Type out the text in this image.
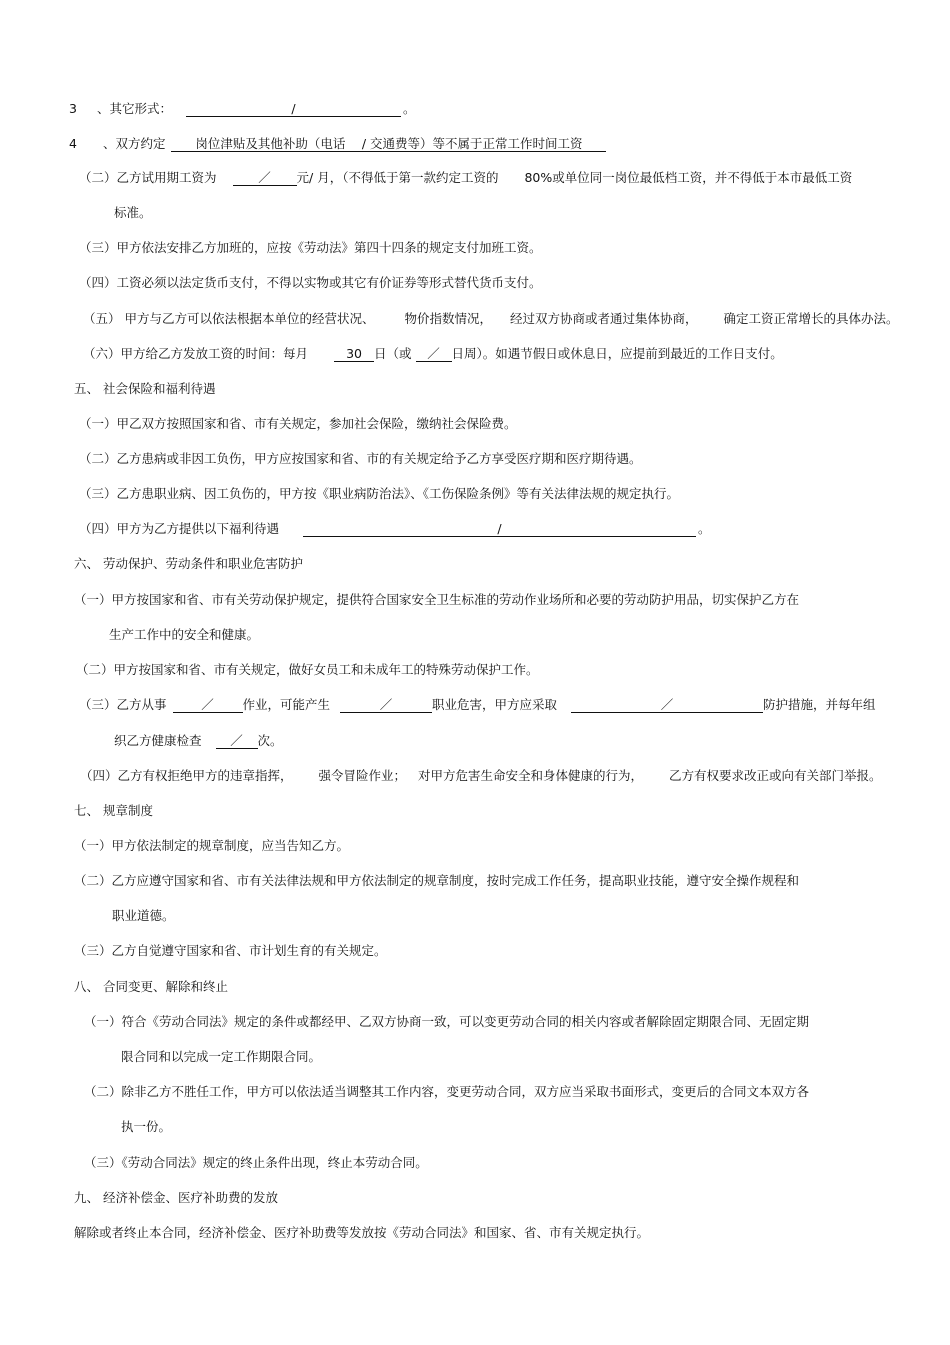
3 、其它形式：	/	。
4 、双方约定 岗位津贴及其他补助（电话　 / 交通费等）等不属于正常工作时间工资
（二）乙方试用期工资为	／ 元/ 月，（不得低于第一款约定工资的 80%或单位同一岗位最低档工资，并不得低于本市最低工资
标准。
（三）甲方依法安排乙方加班的，应按《劳动法》第四十四条的规定支付加班工资。
（四）工资必须以法定货币支付，不得以实物或其它有价证券等形式替代货币支付。
（五） 甲方与乙方可以依法根据本单位的经营状况、 物价指数情况， 经过双方协商或者通过集体协商， 确定工资正常增长的具体办法。
（六）甲方给乙方发放工资的时间：每月	30 日（或 ／ 日周）。如遇节假日或休息日，应提前到最近的工作日支付。
五、 社会保险和福利待遇
（一）甲乙双方按照国家和省、市有关规定，参加社会保险，缴纳社会保险费。
（二）乙方患病或非因工负伤，甲方应按国家和省、市的有关规定给予乙方享受医疗期和医疗期待遇。
（三）乙方患职业病、因工负伤的，甲方按《职业病防治法》、《工伤保险条例》等有关法律法规的规定执行。
（四）甲方为乙方提供以下福利待遇	/	。
六、 劳动保护、劳动条件和职业危害防护
（一）甲方按国家和省、市有关劳动保护规定，提供符合国家安全卫生标准的劳动作业场所和必要的劳动防护用品，切实保护乙方在
生产工作中的安全和健康。
（二）甲方按国家和省、市有关规定，做好女员工和未成年工的特殊劳动保护工作。
（三）乙方从事	／ 作业，可能产生	／	职业危害，甲方应采取	／	防护措施，并每年组
织乙方健康检查 ／ 次。
（四）乙方有权拒绝甲方的违章指挥， 强令冒险作业； 对甲方危害生命安全和身体健康的行为， 乙方有权要求改正或向有关部门举报。
七、 规章制度
（一）甲方依法制定的规章制度，应当告知乙方。
（二）乙方应遵守国家和省、市有关法律法规和甲方依法制定的规章制度，按时完成工作任务，提高职业技能，遵守安全操作规程和
职业道德。
（三）乙方自觉遵守国家和省、市计划生育的有关规定。
八、 合同变更、解除和终止
（一）符合《劳动合同法》规定的条件或都经甲、乙双方协商一致，可以变更劳动合同的相关内容或者解除固定期限合同、无固定期
限合同和以完成一定工作期限合同。
（二）除非乙方不胜任工作，甲方可以依法适当调整其工作内容，变更劳动合同，双方应当采取书面形式，变更后的合同文本双方各
执一份。
（三）《劳动合同法》规定的终止条件出现，终止本劳动合同。
九、 经济补偿金、医疗补助费的发放
解除或者终止本合同，经济补偿金、医疗补助费等发放按《劳动合同法》和国家、省、市有关规定执行。
